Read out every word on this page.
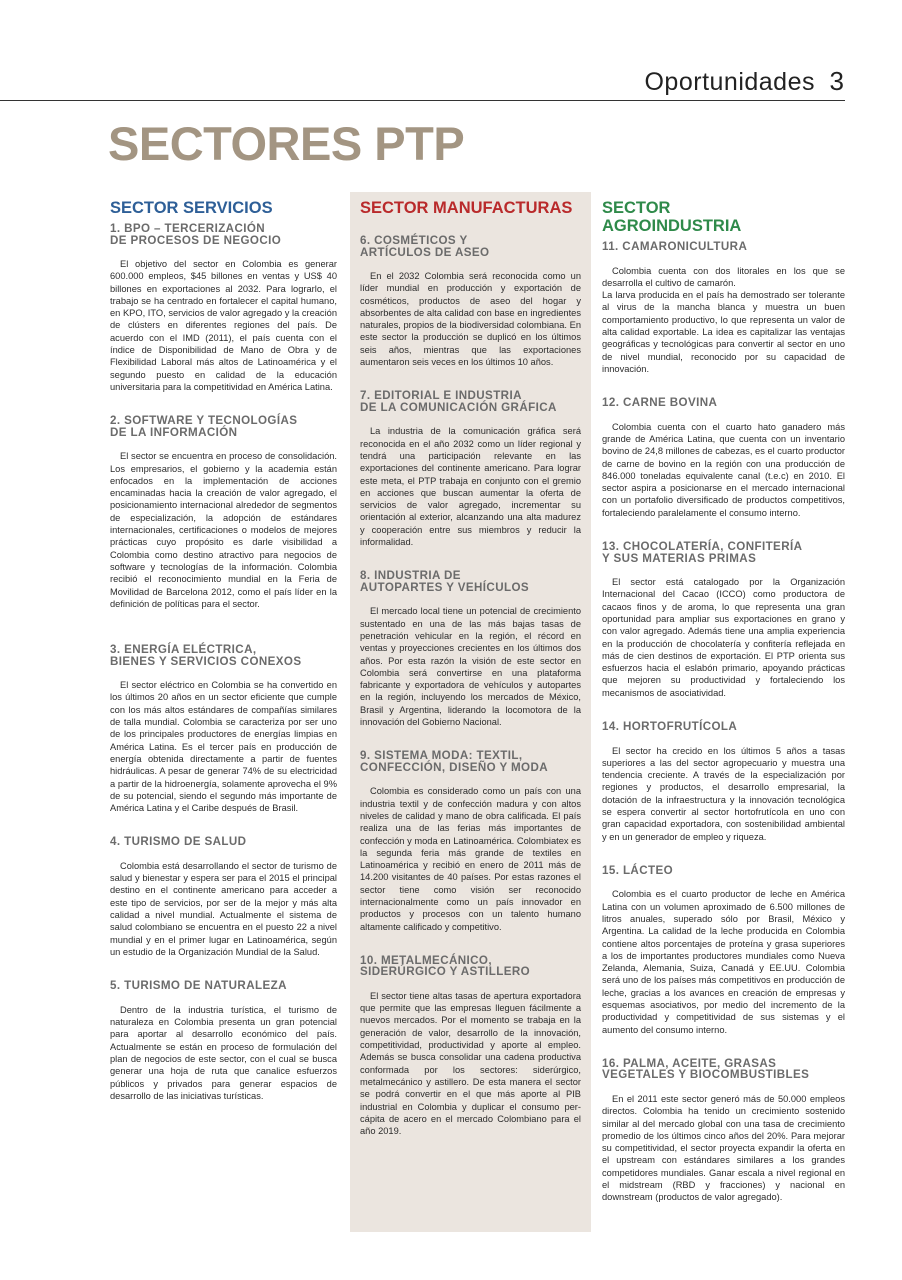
Oportunidades 3
SECTORES PTP
SECTOR SERVICIOS
1. BPO – TERCERIZACIÓN
DE PROCESOS DE NEGOCIO

El objetivo del sector en Colombia es generar 600.000 empleos, $45 billones en ventas y US$ 40 billones en exportaciones al 2032. Para lograrlo, el trabajo se ha centrado en fortalecer el capital humano, en KPO, ITO, servicios de valor agregado y la creación de clústers en diferentes regiones del país. De acuerdo con el IMD (2011), el país cuenta con el índice de Disponibilidad de Mano de Obra y de Flexibilidad Laboral más altos de Latinoamérica y el segundo puesto en calidad de la educación universitaria para la competitividad en América Latina.

2. SOFTWARE Y TECNOLOGÍAS
DE LA INFORMACIÓN

El sector se encuentra en proceso de consolidación. Los empresarios, el gobierno y la academia están enfocados en la implementación de acciones encaminadas hacia la creación de valor agregado, el posicionamiento internacional alrededor de segmentos de especialización, la adopción de estándares internacionales, certificaciones o modelos de mejores prácticas cuyo propósito es darle visibilidad a Colombia como destino atractivo para negocios de software y tecnologías de la información. Colombia recibió el reconocimiento mundial en la Feria de Movilidad de Barcelona 2012, como el país líder en la definición de políticas para el sector.

3. ENERGÍA ELÉCTRICA,
BIENES Y SERVICIOS CONEXOS

El sector eléctrico en Colombia se ha convertido en los últimos 20 años en un sector eficiente que cumple con los más altos estándares de compañías similares de talla mundial. Colombia se caracteriza por ser uno de los principales productores de energías limpias en América Latina. Es el tercer país en producción de energía obtenida directamente a partir de fuentes hidráulicas. A pesar de generar 74% de su electricidad a partir de la hidroenergía, solamente aprovecha el 9% de su potencial, siendo el segundo más importante de América Latina y el Caribe después de Brasil.

4. TURISMO DE SALUD

Colombia está desarrollando el sector de turismo de salud y bienestar y espera ser para el 2015 el principal destino en el continente americano para acceder a este tipo de servicios, por ser de la mejor y más alta calidad a nivel mundial. Actualmente el sistema de salud colombiano se encuentra en el puesto 22 a nivel mundial y en el primer lugar en Latinoamérica, según un estudio de la Organización Mundial de la Salud.

5. TURISMO DE NATURALEZA

Dentro de la industria turística, el turismo de naturaleza en Colombia presenta un gran potencial para aportar al desarrollo económico del país. Actualmente se están en proceso de formulación del plan de negocios de este sector, con el cual se busca generar una hoja de ruta que canalice esfuerzos públicos y privados para generar espacios de desarrollo de las iniciativas turísticas.

SECTOR MANUFACTURAS
6. COSMÉTICOS Y
ARTÍCULOS DE ASEO

En el 2032 Colombia será reconocida como un líder mundial en producción y exportación de cosméticos, productos de aseo del hogar y absorbentes de alta calidad con base en ingredientes naturales, propios de la biodiversidad colombiana. En este sector la producción se duplicó en los últimos seis años, mientras que las exportaciones aumentaron seis veces en los últimos 10 años.

7. EDITORIAL E INDUSTRIA
DE LA COMUNICACIÓN GRÁFICA

La industria de la comunicación gráfica será reconocida en el año 2032 como un líder regional y tendrá una participación relevante en las exportaciones del continente americano. Para lograr este meta, el PTP trabaja en conjunto con el gremio en acciones que buscan aumentar la oferta de servicios de valor agregado, incrementar su orientación al exterior, alcanzando una alta madurez y cooperación entre sus miembros y reducir la informalidad.

8. INDUSTRIA DE
AUTOPARTES Y VEHÍCULOS

El mercado local tiene un potencial de crecimiento sustentado en una de las más bajas tasas de penetración vehicular en la región, el récord en ventas y proyecciones crecientes en los últimos dos años. Por esta razón la visión de este sector en Colombia será convertirse en una plataforma fabricante y exportadora de vehículos y autopartes en la región, incluyendo los mercados de México, Brasil y Argentina, liderando la locomotora de la innovación del Gobierno Nacional.

9. SISTEMA MODA: TEXTIL,
CONFECCIÓN, DISEÑO Y MODA

Colombia es considerado como un país con una industria textil y de confección madura y con altos niveles de calidad y mano de obra calificada. El país realiza una de las ferias más importantes de confección y moda en Latinoamérica. Colombiatex es la segunda feria más grande de textiles en Latinoamérica y recibió en enero de 2011 más de 14.200 visitantes de 40 países. Por estas razones el sector tiene como visión ser reconocido internacionalmente como un país innovador en productos y procesos con un talento humano altamente calificado y competitivo.

10. METALMECÁNICO,
SIDERÚRGICO Y ASTILLERO

El sector tiene altas tasas de apertura exportadora que permite que las empresas lleguen fácilmente a nuevos mercados. Por el momento se trabaja en la generación de valor, desarrollo de la innovación, competitividad, productividad y aporte al empleo. Además se busca consolidar una cadena productiva conformada por los sectores: siderúrgico, metalmecánico y astillero. De esta manera el sector se podrá convertir en el que más aporte al PIB industrial en Colombia y duplicar el consumo per-cápita de acero en el mercado Colombiano para el año 2019.

SECTOR
AGROINDUSTRIA
11. CAMARONICULTURA

Colombia cuenta con dos litorales en los que se desarrolla el cultivo de camarón.
La larva producida en el país ha demostrado ser tolerante al virus de la mancha blanca y muestra un buen comportamiento productivo, lo que representa un valor de alta calidad exportable. La idea es capitalizar las ventajas geográficas y tecnológicas para convertir al sector en uno de nivel mundial, reconocido por su capacidad de innovación.

12. CARNE BOVINA

Colombia cuenta con el cuarto hato ganadero más grande de América Latina, que cuenta con un inventario bovino de 24,8 millones de cabezas, es el cuarto productor de carne de bovino en la región con una producción de 846.000 toneladas equivalente canal (t.e.c) en 2010. El sector aspira a posicionarse en el mercado internacional con un portafolio diversificado de productos competitivos, fortaleciendo paralelamente el consumo interno.

13. CHOCOLATERÍA, CONFITERÍA
Y SUS MATERIAS PRIMAS

El sector está catalogado por la Organización Internacional del Cacao (ICCO) como productora de cacaos finos y de aroma, lo que representa una gran oportunidad para ampliar sus exportaciones en grano y con valor agregado. Además tiene una amplia experiencia en la producción de chocolatería y confitería reflejada en más de cien destinos de exportación. El PTP orienta sus esfuerzos hacia el eslabón primario, apoyando prácticas que mejoren su productividad y fortaleciendo los mecanismos de asociatividad.

14. HORTOFRUTÍCOLA

El sector ha crecido en los últimos 5 años a tasas superiores a las del sector agropecuario y muestra una tendencia creciente. A través de la especialización por regiones y productos, el desarrollo empresarial, la dotación de la infraestructura y la innovación tecnológica se espera convertir al sector hortofrutícola en uno con gran capacidad exportadora, con sostenibilidad ambiental y en un generador de empleo y riqueza.

15. LÁCTEO

Colombia es el cuarto productor de leche en América Latina con un volumen aproximado de 6.500 millones de litros anuales, superado sólo por Brasil, México y Argentina. La calidad de la leche producida en Colombia contiene altos porcentajes de proteína y grasa superiores a los de importantes productores mundiales como Nueva Zelanda, Alemania, Suiza, Canadá y EE.UU. Colombia será uno de los países más competitivos en producción de leche, gracias a los avances en creación de empresas y esquemas asociativos, por medio del incremento de la productividad y competitividad de sus sistemas y el aumento del consumo interno.

16. PALMA, ACEITE, GRASAS
VEGETALES Y BIOCOMBUSTIBLES

En el 2011 este sector generó más de 50.000 empleos directos. Colombia ha tenido un crecimiento sostenido similar al del mercado global con una tasa de crecimiento promedio de los últimos cinco años del 20%. Para mejorar su competitividad, el sector proyecta expandir la oferta en el upstream con estándares similares a los grandes competidores mundiales. Ganar escala a nivel regional en el midstream (RBD y fracciones) y nacional en downstream (productos de valor agregado).
